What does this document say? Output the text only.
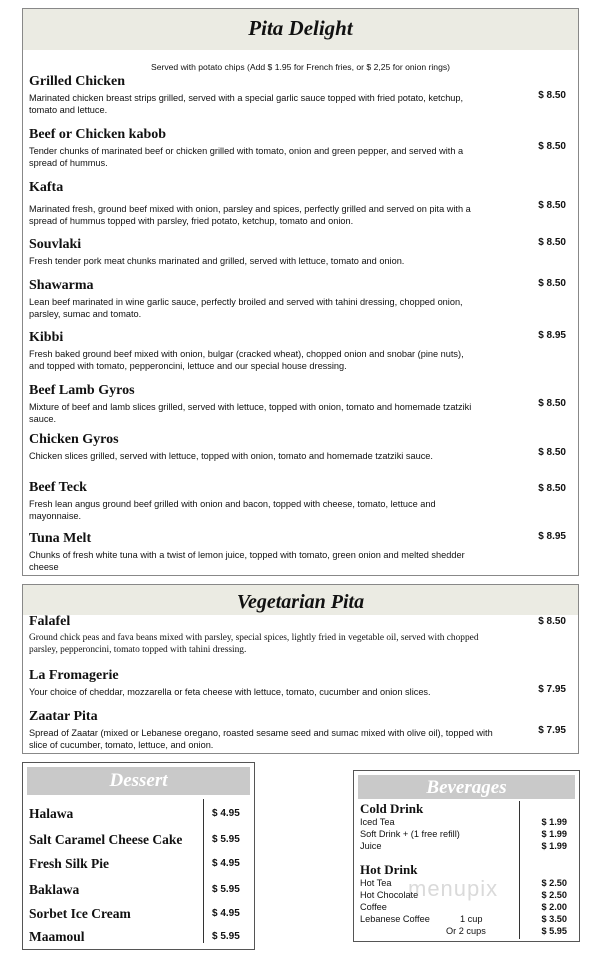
Pita Delight
Served with potato chips (Add $ 1.95 for French fries, or $ 2,25 for onion rings)
Grilled Chicken
Marinated chicken breast strips grilled, served with a special garlic sauce topped with fried potato, ketchup, tomato and lettuce.
$ 8.50
Beef or Chicken kabob
Tender chunks of marinated beef or chicken grilled with tomato, onion and green pepper, and served with a spread of hummus.
$ 8.50
Kafta
Marinated fresh, ground beef mixed with onion, parsley and spices, perfectly grilled and served on pita with a spread of hummus topped with parsley, fried potato, ketchup, tomato and onion.
$ 8.50
Souvlaki
Fresh tender pork meat chunks marinated and grilled, served with lettuce, tomato and onion.
$ 8.50
Shawarma
Lean beef marinated in wine garlic sauce, perfectly broiled and served with tahini dressing, chopped onion, parsley, sumac and tomato.
$ 8.50
Kibbi
Fresh baked ground beef mixed with onion, bulgar (cracked wheat), chopped onion and snobar (pine nuts), and topped with tomato, pepperoncini, lettuce and our special house dressing.
$ 8.95
Beef Lamb Gyros
Mixture of beef and lamb slices grilled, served with lettuce, topped with onion, tomato and homemade tzatziki sauce.
$ 8.50
Chicken Gyros
Chicken slices grilled, served with lettuce, topped with onion, tomato and homemade tzatziki sauce.	$ 8.50
Beef Teck
Fresh lean angus ground beef grilled with onion and bacon, topped with cheese, tomato, lettuce and mayonnaise.
$ 8.50
Tuna Melt
Chunks of fresh white tuna with a twist of lemon juice, topped with tomato, green onion and melted shedder cheese
$ 8.95
Vegetarian Pita
Falafel
Ground chick peas and fava beans mixed with parsley, special spices, lightly fried in vegetable oil, served with chopped parsley, pepperoncini, tomato topped with tahini dressing.
$ 8.50
La Fromagerie
Your choice of cheddar, mozzarella or feta cheese with lettuce, tomato, cucumber and onion slices.	$ 7.95
Zaatar Pita
Spread of Zaatar (mixed or Lebanese oregano, roasted sesame seed and sumac mixed with olive oil), topped with slice of cucumber, tomato, lettuce, and onion.
$ 7.95
Dessert
Halawa	$ 4.95
Salt Caramel Cheese Cake	$ 5.95
Fresh Silk Pie	$ 4.95
Baklawa	$ 5.95
Sorbet Ice Cream	$ 4.95
Maamoul	$ 5.95
Beverages
Cold Drink
Iced Tea	$ 1.99
Soft Drink + (1 free refill)	$ 1.99
Juice	$ 1.99
Hot Drink
Hot Tea	$ 2.50
Hot Chocolate	$ 2.50
Coffee	$ 2.00
Lebanese Coffee	1 cup	$ 3.50
Or 2 cups	$ 5.95
menupix
